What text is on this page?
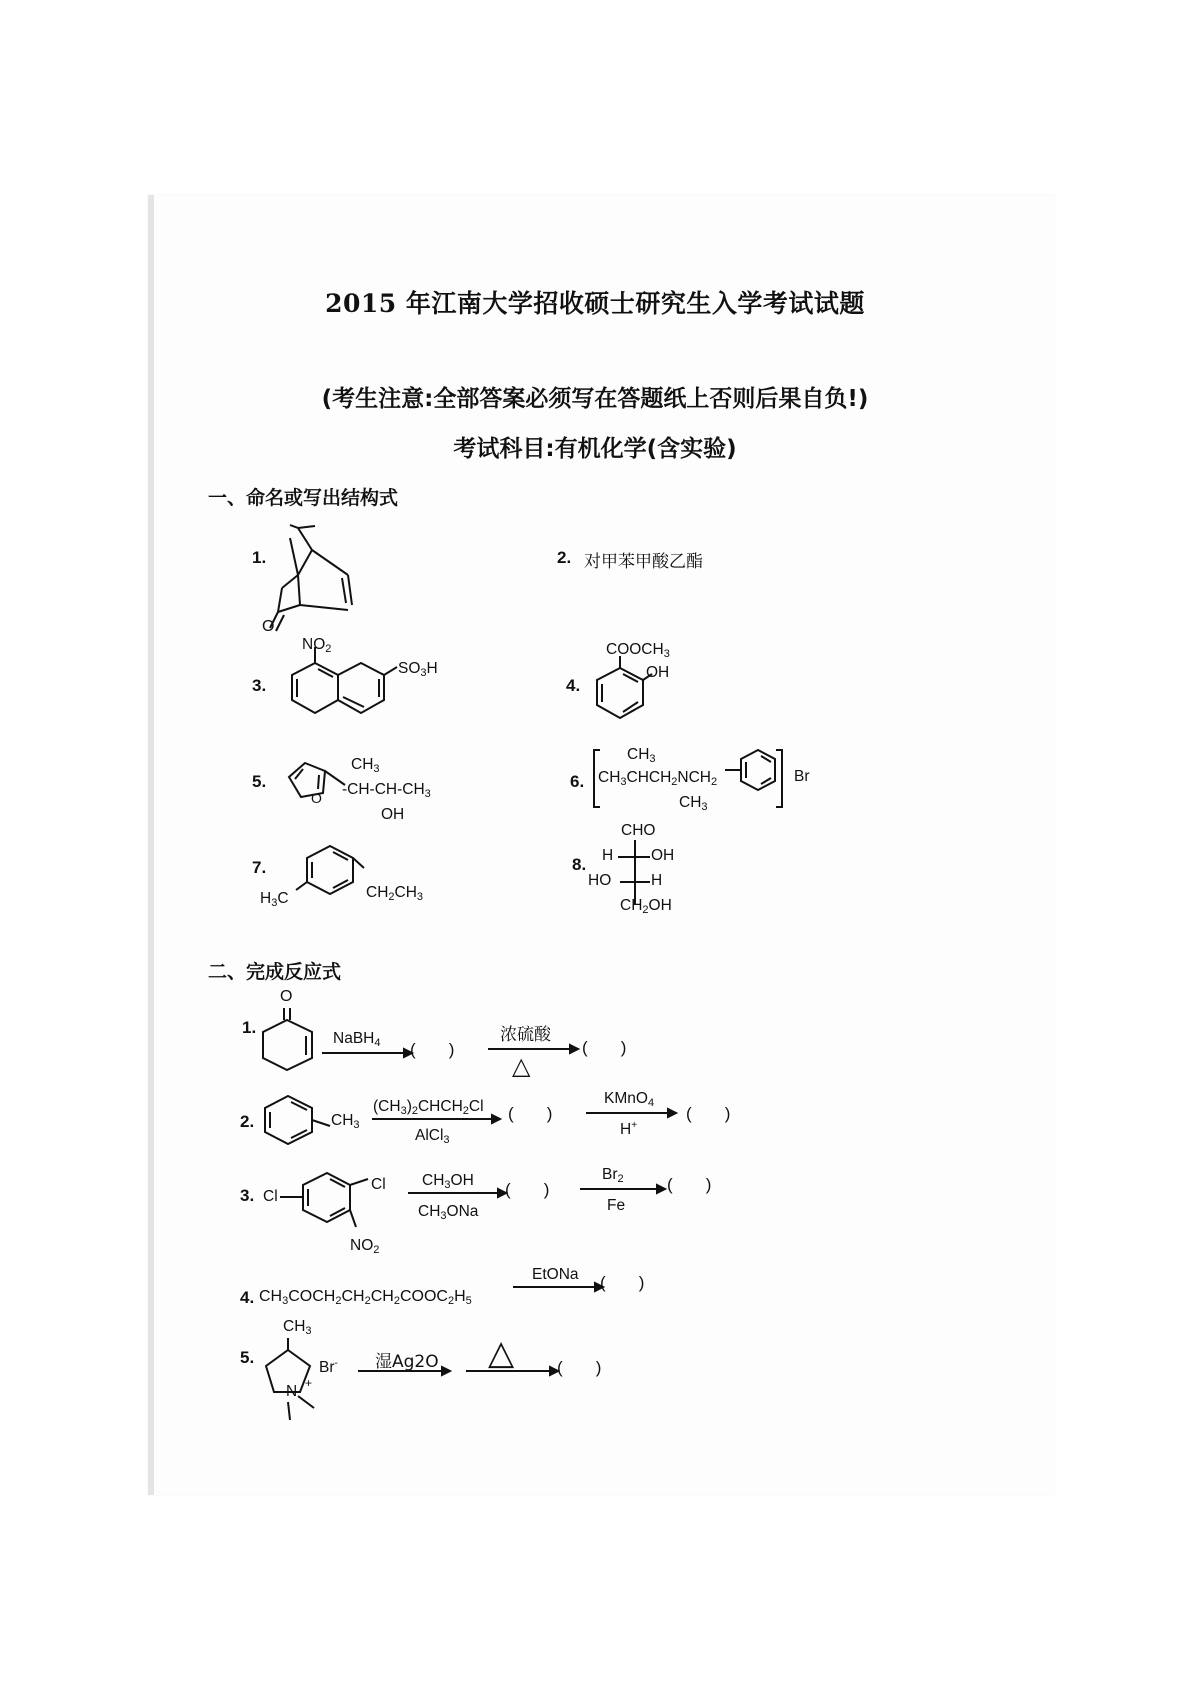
2015 年江南大学招收硕士研究生入学考试试题
(考生注意:全部答案必须写在答题纸上否则后果自负!)
考试科目:有机化学(含实验)
一、命名或写出结构式
1.
O
2. 对甲苯甲酸乙酯
3.
$NO_2$
$SO_3H$
4.
$COOCH_3$
OH
5.
O
$CH_3$
$-CH-CH-CH_3$
OH
6.
$CH_3$
$CH_3CHCH_2NCH_2$
$CH_3$
Br
7.
$H_3C$	$CH_2CH_3$
8.
CHO
H OH
HO	H
$CH_2OH$
二、完成反应式
1.
O
NaBH$_4$ (       )
浓硫酸
△
(       )
2.	$CH_3$
$(CH_3)_2CHCH_2Cl$
AlCl$_3$
(       )
KMnO$_4$
H+
(       )
3. Cl
Cl
$NO_2$
$CH_3OH$
$CH_3ONa$
(       )
$Br_2$
Fe
(       )
4. $CH_3COCH_2CH_2CH_2COOC_2H_5$
EtONa (       )
5.
$CH_3$
N +
Br- 湿Ag2O △	(       )
